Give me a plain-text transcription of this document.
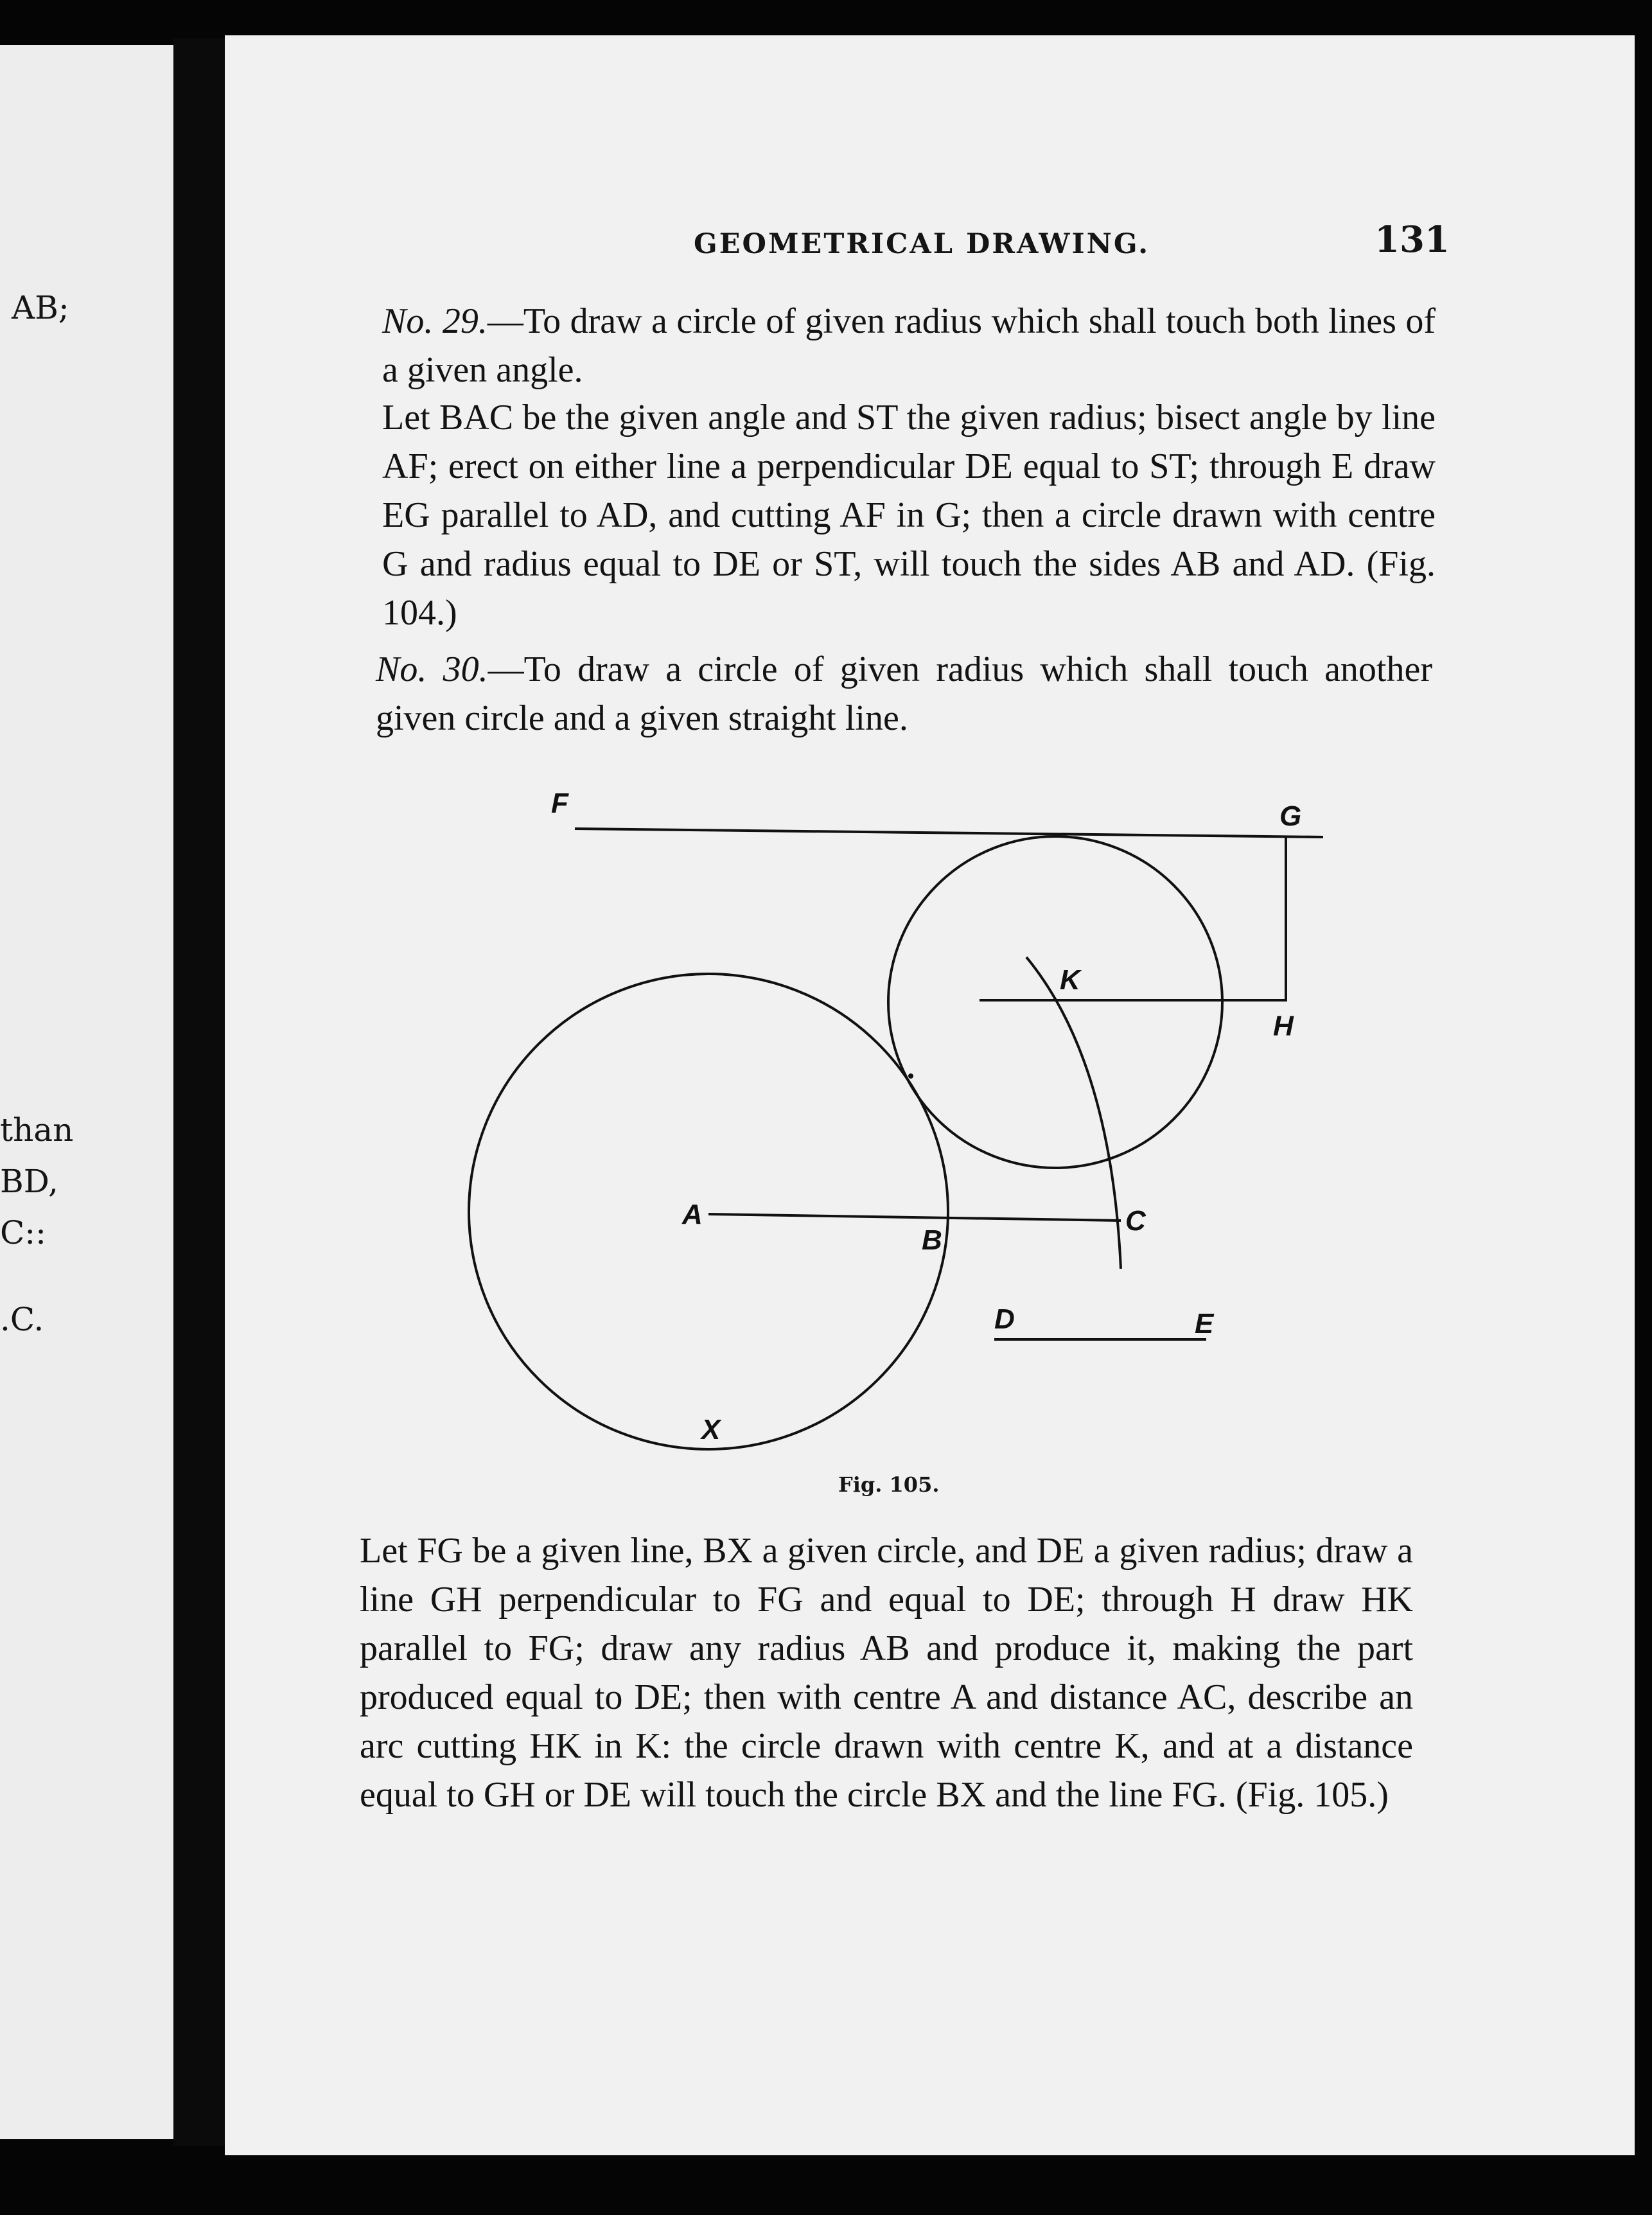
AB;
than
BD,
C::
.C.
GEOMETRICAL DRAWING.	131

No. 29.—To draw a circle of given radius which shall touch both lines of a given angle.

Let BAC be the given angle and ST the given radius; bisect angle by line AF; erect on either line a perpendicular DE equal to ST; through E draw EG parallel to AD, and cutting AF in G; then a circle drawn with centre G and radius equal to DE or ST, will touch the sides AB and AD. (Fig. 104.)

No. 30.—To draw a circle of given radius which shall touch another given circle and a given straight line.

F	G
H
K
A
B
C
D	E
X
Fig. 105.

Let FG be a given line, BX a given circle, and DE a given radius; draw a line GH perpendicular to FG and equal to DE; through H draw HK parallel to FG; draw any radius AB and produce it, making the part produced equal to DE; then with centre A and distance AC, describe an arc cutting HK in K: the circle drawn with centre K, and at a distance equal to GH or DE will touch the circle BX and the line FG. (Fig. 105.)
